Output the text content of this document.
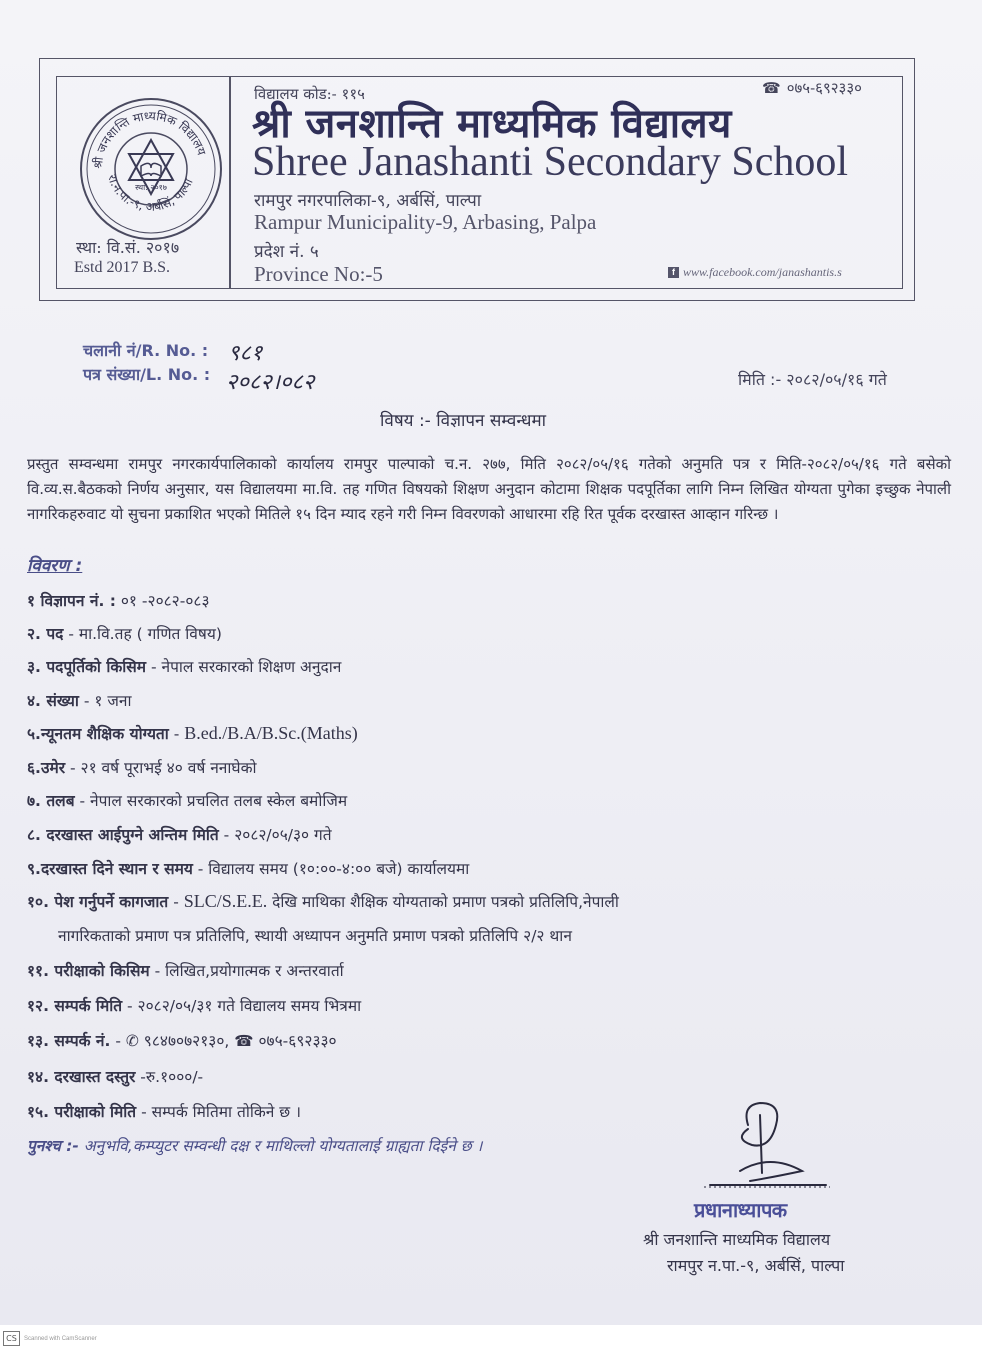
श्री जनशान्ति माध्यमिक विद्यालय
रा.न.पा.-९, अर्बसिं, पाल्पा
स्था. २०१७
स्था: वि.सं. २०१७
Estd 2017 B.S.
विद्यालय कोड:- ११५	☎ ०७५-६९२३३०
श्री जनशान्ति माध्यमिक विद्यालय
Shree Janashanti Secondary School
रामपुर नगरपालिका-९, अर्बसिं, पाल्पा
Rampur Municipality-9, Arbasing, Palpa
प्रदेश नं. ५
Province No:-5	f www.facebook.com/janashantis.s
चलानी नं/R. No. : ९८१
पत्र संख्या/L. No. : २०८२।०८२	मिति :- २०८२/०५/१६ गते
विषय :- विज्ञापन सम्वन्धमा
प्रस्तुत सम्वन्धमा रामपुर नगरकार्यपालिकाको कार्यालय रामपुर पाल्पाको च.न. २७७, मिति २०८२/०५/१६ गतेको अनुमति पत्र र मिति-२०८२/०५/१६ गते बसेको वि.व्य.स.बैठकको निर्णय अनुसार, यस विद्यालयमा मा.वि. तह गणित विषयको शिक्षण अनुदान कोटामा शिक्षक पदपूर्तिका लागि निम्न लिखित योग्यता पुगेका इच्छुक नेपाली नागरिकहरुवाट यो सुचना प्रकाशित भएको मितिले १५ दिन म्याद रहने गरी निम्न विवरणको आधारमा रहि रित पूर्वक दरखास्त आव्हान गरिन्छ ।
विवरण :
१ विज्ञापन नं. : ०१ -२०८२-०८३
२. पद - मा.वि.तह ( गणित विषय)
३. पदपूर्तिको किसिम - नेपाल सरकारको शिक्षण अनुदान
४. संख्या - १ जना
५.न्यूनतम शैक्षिक योग्यता - B.ed./B.A/B.Sc.(Maths)
६.उमेर - २१ वर्ष पूराभई ४० वर्ष ननाघेको
७. तलब - नेपाल सरकारको प्रचलित तलब स्केल बमोजिम
८. दरखास्त आईपुग्ने अन्तिम मिति - २०८२/०५/३० गते
९.दरखास्त दिने स्थान र समय - विद्यालय समय (१०:००-४:०० बजे) कार्यालयमा
१०. पेश गर्नुपर्ने कागजात - SLC/S.E.E. देखि माथिका शैक्षिक योग्यताको प्रमाण पत्रको प्रतिलिपि,नेपाली
नागरिकताको प्रमाण पत्र प्रतिलिपि, स्थायी अध्यापन अनुमति प्रमाण पत्रको प्रतिलिपि २/२ थान
११. परीक्षाको किसिम - लिखित,प्रयोगात्मक र अन्तरवार्ता
१२. सम्पर्क मिति - २०८२/०५/३१ गते विद्यालय समय भित्रमा
१३. सम्पर्क नं. - ✆ ९८४७०७२१३०, ☎ ०७५-६९२३३०
१४. दरखास्त दस्तुर -रु.१०००/-
१५. परीक्षाको मिति - सम्पर्क मितिमा तोकिने छ ।
पुनश्च :- अनुभवि,कम्प्युटर सम्वन्धी दक्ष र माथिल्लो योग्यतालाई ग्राह्यता दिईने छ ।
प्रधानाध्यापक
श्री जनशान्ति माध्यमिक विद्यालय
रामपुर न.पा.-९, अर्बसिं, पाल्पा
CS	Scanned with CamScanner
